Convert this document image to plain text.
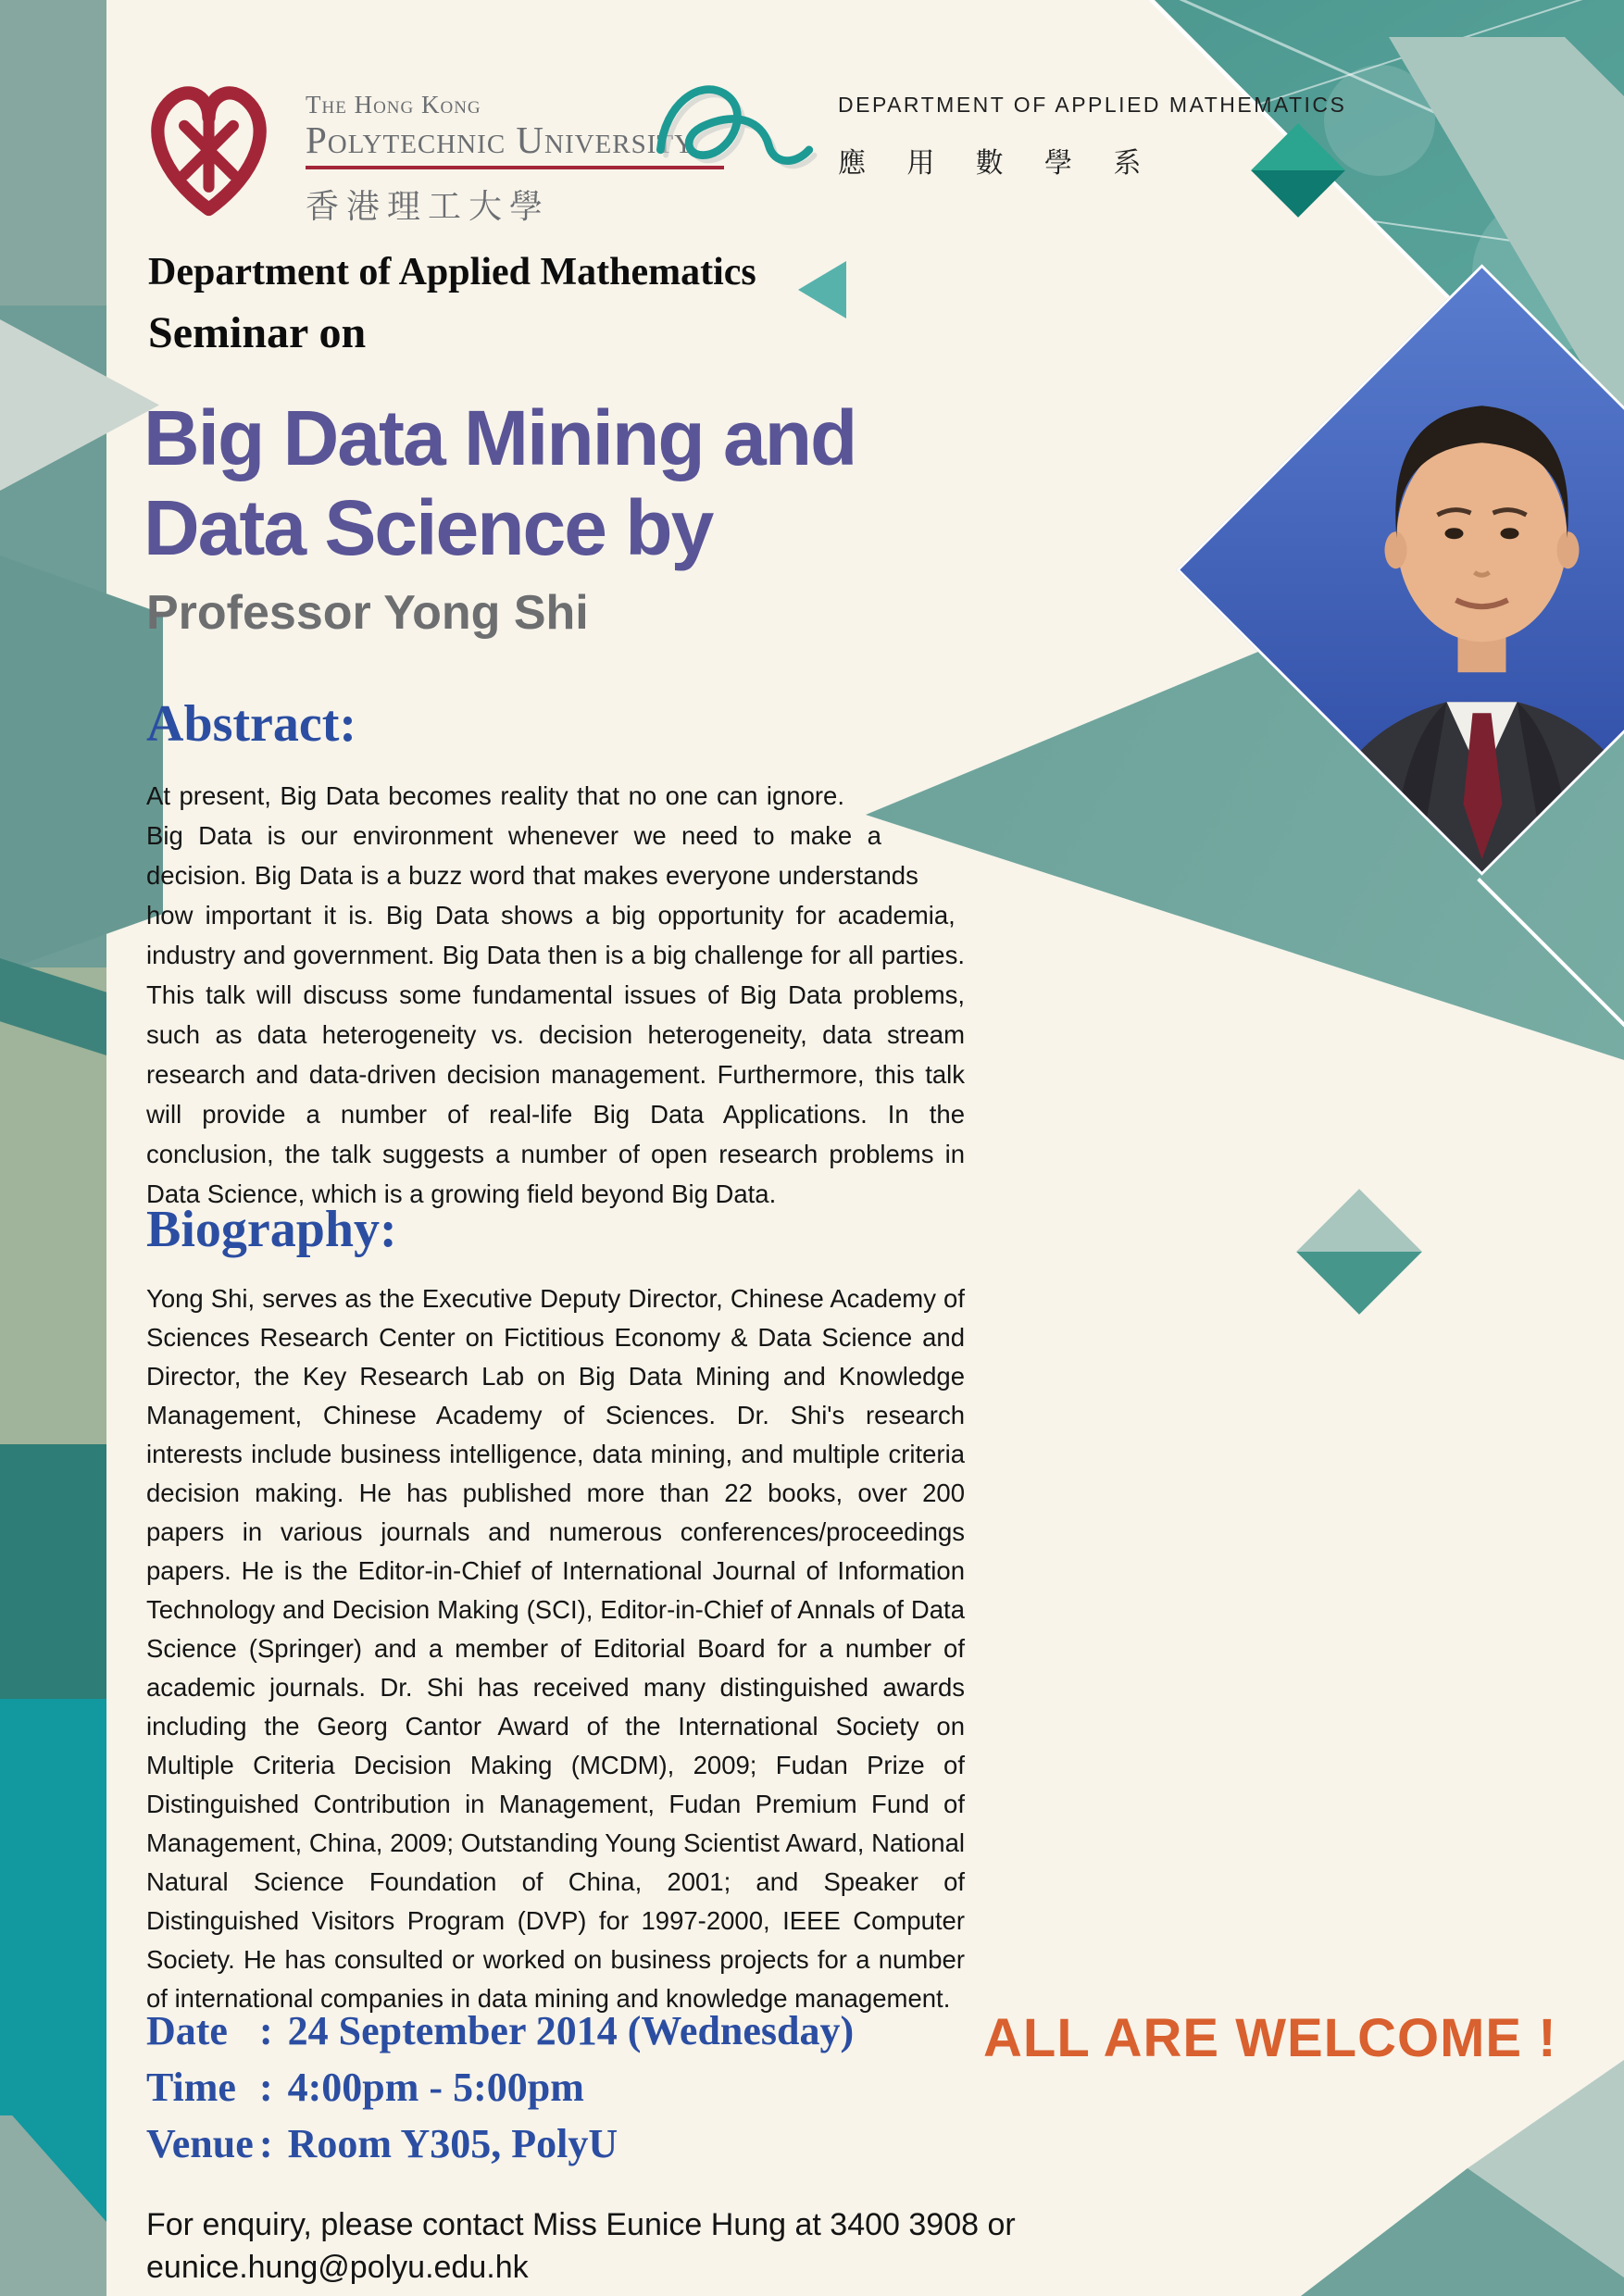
The Hong Kong
Polytechnic University
香港理工大學
DEPARTMENT OF APPLIED MATHEMATICS
應 用 數 學 系
Department of Applied Mathematics
Seminar on
Big Data Mining and
Data Science by
Professor Yong Shi
Abstract:
At present, Big Data becomes reality that no one can ignore. Big Data is our environment whenever we need to make a decision. Big Data is a buzz word that makes everyone understands how important it is. Big Data shows a big opportunity for academia, industry and government. Big Data then is a big challenge for all parties. This talk will discuss some fundamental issues of Big Data problems, such as data heterogeneity vs. decision heterogeneity, data stream research and data-driven decision management. Furthermore, this talk will provide a number of real-life Big Data Applications. In the conclusion, the talk suggests a number of open research problems in Data Science, which is a growing field beyond Big Data.
Biography:
Yong Shi, serves as the Executive Deputy Director, Chinese Academy of Sciences Research Center on Fictitious Economy & Data Science and Director, the Key Research Lab on Big Data Mining and Knowledge Management, Chinese Academy of Sciences. Dr. Shi's research interests include business intelligence, data mining, and multiple criteria decision making. He has published more than 22 books, over 200 papers in various journals and numerous conferences/proceedings papers. He is the Editor-in-Chief of International Journal of Information Technology and Decision Making (SCI), Editor-in-Chief of Annals of Data Science (Springer) and a member of Editorial Board for a number of academic journals. Dr. Shi has received many distinguished awards including the Georg Cantor Award of the International Society on Multiple Criteria Decision Making (MCDM), 2009; Fudan Prize of Distinguished Contribution in Management, Fudan Premium Fund of Management, China, 2009; Outstanding Young Scientist Award, National Natural Science Foundation of China, 2001; and Speaker of Distinguished Visitors Program (DVP) for 1997-2000, IEEE Computer Society. He has consulted or worked on business projects for a number of international companies in data mining and knowledge management.
Date : 24 September 2014 (Wednesday)
Time : 4:00pm - 5:00pm
Venue : Room Y305, PolyU
ALL ARE WELCOME !
For enquiry, please contact Miss Eunice Hung at 3400 3908 or
eunice.hung@polyu.edu.hk
